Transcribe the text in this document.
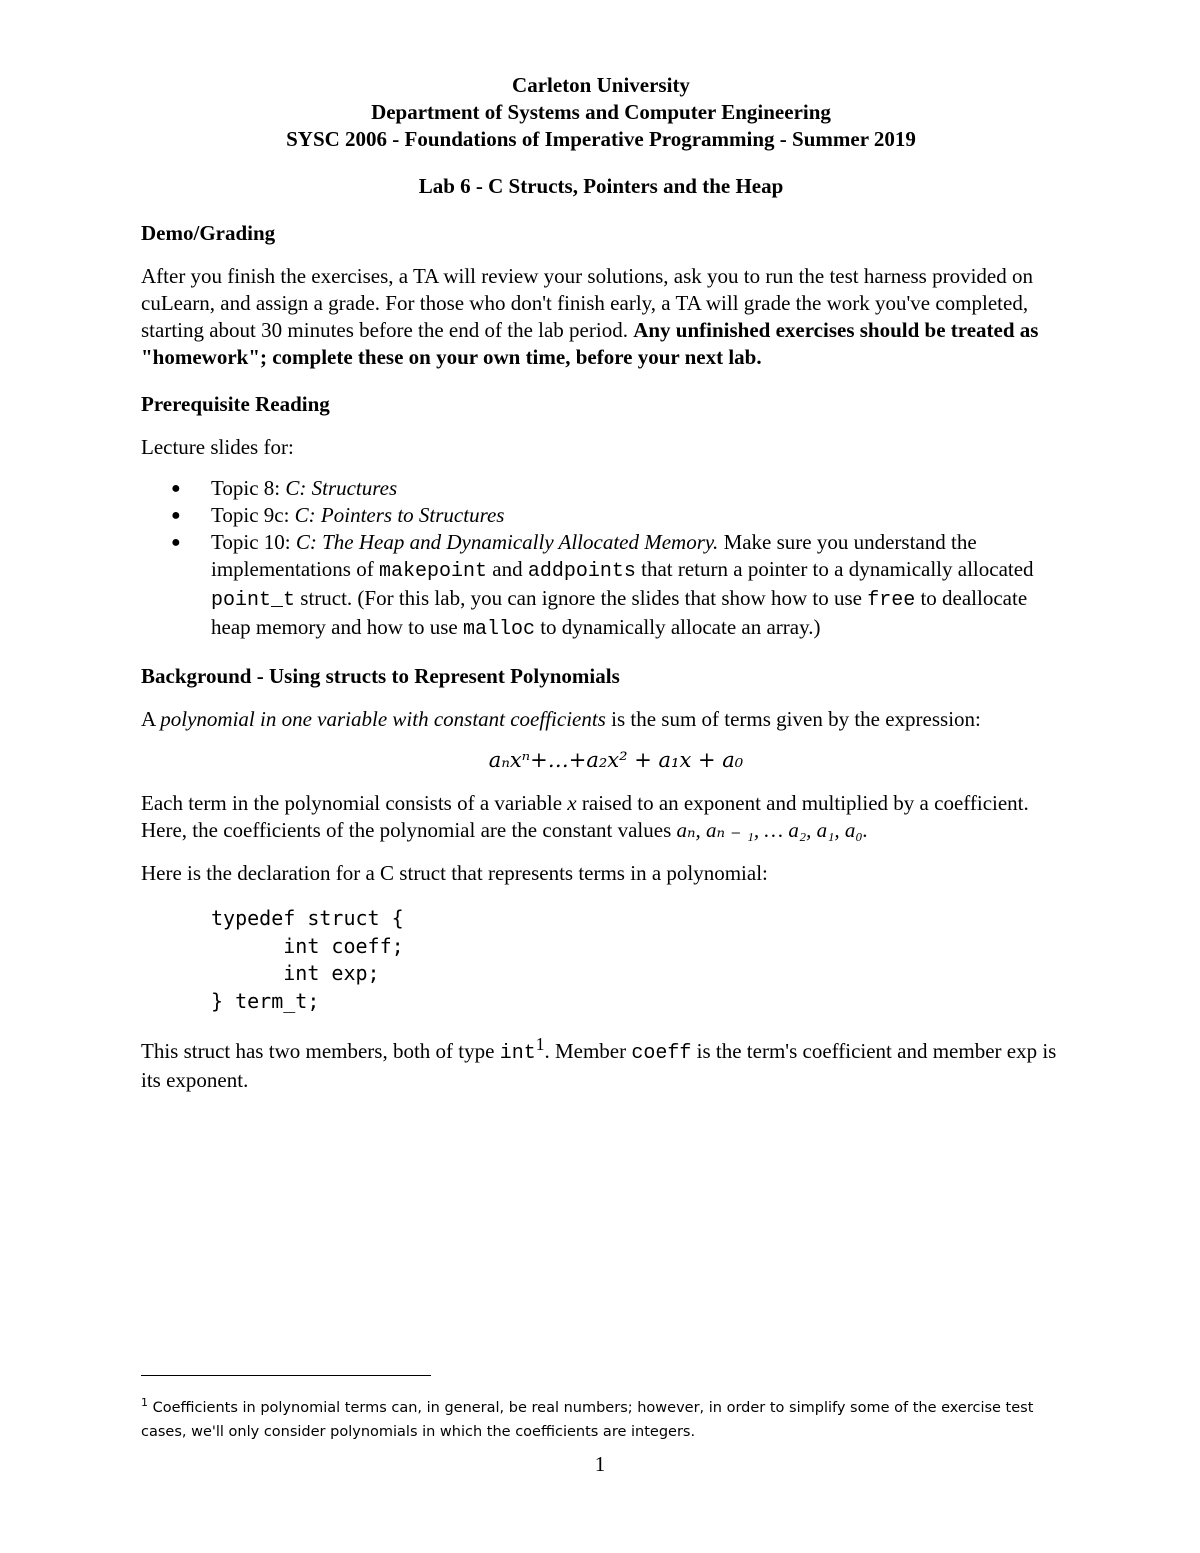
Carleton University
Department of Systems and Computer Engineering
SYSC 2006 - Foundations of Imperative Programming - Summer 2019
Lab 6 - C Structs, Pointers and the Heap
Demo/Grading

After you finish the exercises, a TA will review your solutions, ask you to run the test harness provided on cuLearn, and assign a grade. For those who don't finish early, a TA will grade the work you've completed, starting about 30 minutes before the end of the lab period. Any unfinished exercises should be treated as "homework"; complete these on your own time, before your next lab.

Prerequisite Reading

Lecture slides for:

● Topic 8: C: Structures
● Topic 9c: C: Pointers to Structures
● Topic 10: C: The Heap and Dynamically Allocated Memory. Make sure you understand the implementations of makepoint and addpoints that return a pointer to a dynamically allocated point_t struct. (For this lab, you can ignore the slides that show how to use free to deallocate heap memory and how to use malloc to dynamically allocate an array.)
Background - Using structs to Represent Polynomials

A polynomial in one variable with constant coefficients is the sum of terms given by the expression:

aₙxⁿ+…+a₂x² + a₁x + a₀

Each term in the polynomial consists of a variable x raised to an exponent and multiplied by a coefficient. Here, the coefficients of the polynomial are the constant values aₙ, aₙ ₋ ₁, … a₂, a₁, a₀.

Here is the declaration for a C struct that represents terms in a polynomial:

typedef struct {
int coeff;
int exp;
} term_t;

This struct has two members, both of type int$^1$. Member coeff is the term's coefficient and member exp is its exponent.

$^1$ Coefficients in polynomial terms can, in general, be real numbers; however, in order to simplify some of the exercise test cases, we'll only consider polynomials in which the coefficients are integers.
1
